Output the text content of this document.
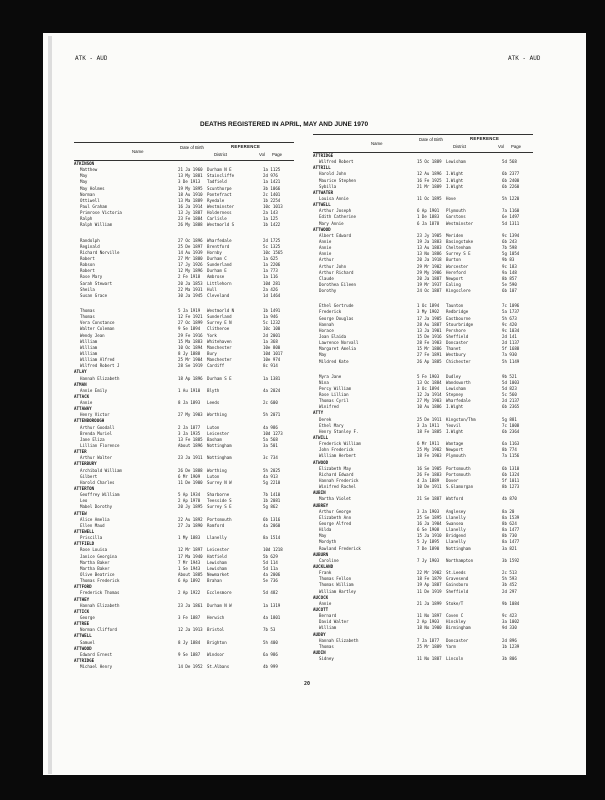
ATK - AUD	ATK - AUD
DEATHS REGISTERED IN APRIL, MAY AND JUNE 1970
Name
Date of Birth	REFERENCE
District	Vol Page
ATKINSON
Matthew	21 Ja 1960 Durham N E	1a 1125
May	13 My 1881 Staincliffe	2d 976
May	3 De 1913 Tadfield	1a 1421
May Holmes	19 My 1895 Scunthorpe	3b 1066
Norman	18 Au 1910 Pontefract	2c 1401
Ottiwell	13 Ma 1889 Ryedale	1b 2254
Paul Graham	16 Ja 1914 Westminster	10c 1013
Primrose Victoria	13 Jy 1887 Holderness	2a 143
Ralph	23 Fe 1884 Carlisle	1a 125
Ralph William	26 My 1888 Westmorld S	1b 1422
Randolph	27 Oc 1896 Wharfedale	2d 1725
Reginald	25 De 1897 Brentford	5c 1325
Richard Norville	14 Au 1939 Hornby	10c 1565
Robert	27 Mr 1880 Durham C	1a 625
Robson	17 Jy 1926 Sunderland	1a 2206
Robert	12 My 1896 Durham E	1a 773
Rose Mary	2 Fe 1918 Ambrose	1a 116
Sarah Stewart	20 Ja 1853 Littlehorn	10d 281
Sheila	22 Ma 1931 Hull	2a 426
Susan Grace	30 Ja 1945 Cleveland	1d 1464
Thomas	5 Ja 1919 Westmorld N	1b 1491
Thomas	12 Fe 1921 Sunderland	1a 946
Vera Constance	27 Oc 1899 Surrey E N	5c 1232
Walter Coleman	9 Se 1894 Clitheroe	10c 100
Wendy Jean	29 Fe 1916 York	2d 2001
William	15 Ma 1883 Whitehaven	1a 368
William	10 Oc 1894 Manchester	10e 800
William	8 Jy 1888 Bury	10d 1017
William Alfred	25 Mr 1904 Manchester	10e 974
Wilfred Robert J	28 Se 1919 Cardiff	8c 914
ATLAY
Hannah Elizabeth	18 Ap 1896 Durham S E	1a 1381
ATMAN
Annie Emily	1 Au 1910 Blyth	4a 2024
ATTACK
Annie	8 Ja 1893 Leeds	2c 600
ATTAWAY
Henry Victor	27 My 1903 Worthing	5h 2071
ATTENBOROUGH
Arthur Goodall	2 Ja 1877 Luton	4a 986
Brenda Muriel	3 Ja 1935 Leicester	10d 1273
Jane Eliza	13 Fe 1885 Basham	5a 568
Lillian Florence	About 1896 Nottingham	3a 501
ATTER
Arthur Walter	23 Ja 1911 Nottingham	3c 734
ATTERBURY
Archibald William	26 De 1888 Worthing	5h 2025
Gilbert	6 Mr 1909 Luton	4a 913
Harold Charles	11 De 1900 Surrey N W	5g 2210
ATTERTON
Geoffrey William	5 Ap 1934 Sharborne	7b 1410
Leo	2 Ap 1970 Teesside S	1b 2081
Mabel Dorothy	20 Jy 1895 Surrey S E	5g 862
ATTEW
Alice Amelia	22 Au 1892 Portsmouth	6b 1316
Ellen Maud	27 Ja 1890 Romford	4a 2060
ATTEWELL
Priscilla	1 My 1883 Llanelly	8a 1514
ATTFIELD
Rose Louisa	12 Mr 1897 Leicester	10d 1218
Janice Georgina	17 Ma 1940 Hatfield	5b 629
Martha Baker	7 Mr 1943 Lewisham	5d 114
Martha Baker	1 Se 1943 Lewisham	5d 11a
Olive Beatrice	About 1885 Newmarket	4a 2006
Thomas Frederick	6 Ap 1892 Brahan	5e 736
ATTFORD
Frederick Thomas	2 Ap 1922 Ecclesmore	5d 482
ATTHEY
Hannah Elizabeth	23 Ja 1861 Durham N W	1a 1319
ATTICK
George	3 Fe 1887 Herwich	4a 1801
ATTREE
Norman Clifford	12 Ja 1913 Bristol	7b 53
ATTWELL
Samuel	8 Jy 1884 Brighton	5h 400
ATTWOOD
Edward Ernest	9 Se 1887 Windsor	6a 986
ATTRIDGE
Michael Henry	14 De 1952 St.Albans	4b 999
Name
Date of Birth	REFERENCE
District	Vol Page
ATTRIDGE
Wilfred Robert	15 Oc 1889 Lewisham	5d 568
ATTRILL
Harold John	12 Au 1896 I.Wight	6b 2377
Maurice Stephen	16 Fe 1925 I.Wight	6b 2400
Sybilla	21 Mr 1889 I.Wight	6b 2260
ATTWATER
Louisa Annie	11 Oc 1895 Hove	5h 1220
ATTWELL
Arthur Joseph	6 Ap 1901 Plymouth	7a 1160
Edith Catherine	1 De 1883 Garstons	6e 1497
Mary Annie	6 Ja 1878 Westminster	5d 1311
ATTWOOD
Albert Edward	23 Jy 1905 Meriden	9c 1394
Annie	19 Ja 1883 Basingstoke	6b 243
Annie	13 Au 1883 Cheltenham	7b 598
Annie	13 No 1886 Surrey S E	5g 1054
Arthur	20 Ja 1918 Burton	9b 83
Arthur John	29 Mr 1902 Worcester	9c 183
Arthur Richard	29 My 1906 Hereford	9a 148
Claude	20 Ja 1887 Newport	8b 857
Dorothea Eileen	19 Mr 1937 Ealing	5e 590
Dorothy	24 Oc 1887 Kingsclere	6b 107
Ethel Gertrude	1 Oc 1894 Taunton	7c 1096
Frederick	3 My 1902 Redbridge	5a 1737
George Douglas	17 Ja 1905 Eastbourne	5h 673
Hannah	28 Au 1887 Stourbridge	9c 420
Horace	13 Ja 1901 Pershore	9c 1034
Joan Elaida	15 De 1916 Sheffield	2d 141
Lawrence Norvall	28 Fe 1903 Doncaster	2d 1137
Margaret Amelia	15 Mr 1886 Thanet	5f 1688
May	27 Fe 1891 Westbury	7a 930
Mildred Kate	26 Ap 1885 Chichester	5h 1149
Myra Jane	5 Fe 1903 Dudley	9b 521
Nina	13 Oc 1884 Wandsworth	5d 1003
Percy William	3 Oc 1894 Lewisham	5d 823
Rose Lillian	12 Ja 1914 Stepney	5c 560
Thomas Cyril	27 My 1903 Wharfedale	2d 2137
Winifred	10 Au 1886 I.Wight	6b 2365
ATTY
Derek	25 De 1911 Kingston/Thm	5g 881
Ethel Mary	3 Ja 1911 Yeovil	7c 1008
Henry Stanley F.	18 Fe 1885 I.Wight	6b 2364
ATWILL
Frederick William	6 Mr 1911 Wantage	6a 1163
John Frederick	25 My 1902 Newport	8b 774
William Herbert	18 Fe 1903 Plymouth	7a 1156
ATWOOD
Elizabeth May	16 Se 1905 Portsmouth	6b 1310
Richard Edward	26 Fe 1883 Portsmouth	6b 1324
Hannah Frederick	4 Ja 1889 Dover	5f 1011
Winifred Rachel	10 De 1911 S.Glamorgan	8b 1273
AUBIN
Martha Violet	21 Se 1887 Watford	4b 870
AUBREY
Arthur George	3 Ja 1903 Anglesey	8a 20
Elizabeth Ann	25 Se 1895 Llanelly	8a 1539
George Alfred	16 Ja 1904 Swansea	8b 624
Hilda	6 Se 1908 Llanelly	8a 1477
May	15 Ja 1910 Bridgend	8b 730
Mordyth	5 Jy 1895 Llanelly	8a 1477
Rowland Frederick	7 De 1890 Nottingham	3a 821
AUBURN
Caroline	7 Jy 1903 Northampton	3b 1592
AUCKLAND
Frank	22 Mr 1902 St.Leeds	2c 513
Thomas Fellon	18 Fe 1879 Gravesend	5h 593
Thomas William	19 Ap 1887 Gainsboro	3b 452
William Hartley	11 De 1919 Sheffield	2d 297
AUCOCK
Annie	21 Ja 1899 Stoke/T	9b 1084
AUCOTT
Bernard	11 No 1897 Coven C	9c 423
David Walter	2 Ap 1903 Hinckley	3a 1002
William	18 No 1900 Birmingham	9d 330
AUDBY
Hannah Elizabeth	7 Ja 1877 Doncaster	2d 896
Thomas	25 Mr 1889 Yarm	1b 1239
AUDIN
Sidney	11 No 1887 Lincoln	3b 806
20
